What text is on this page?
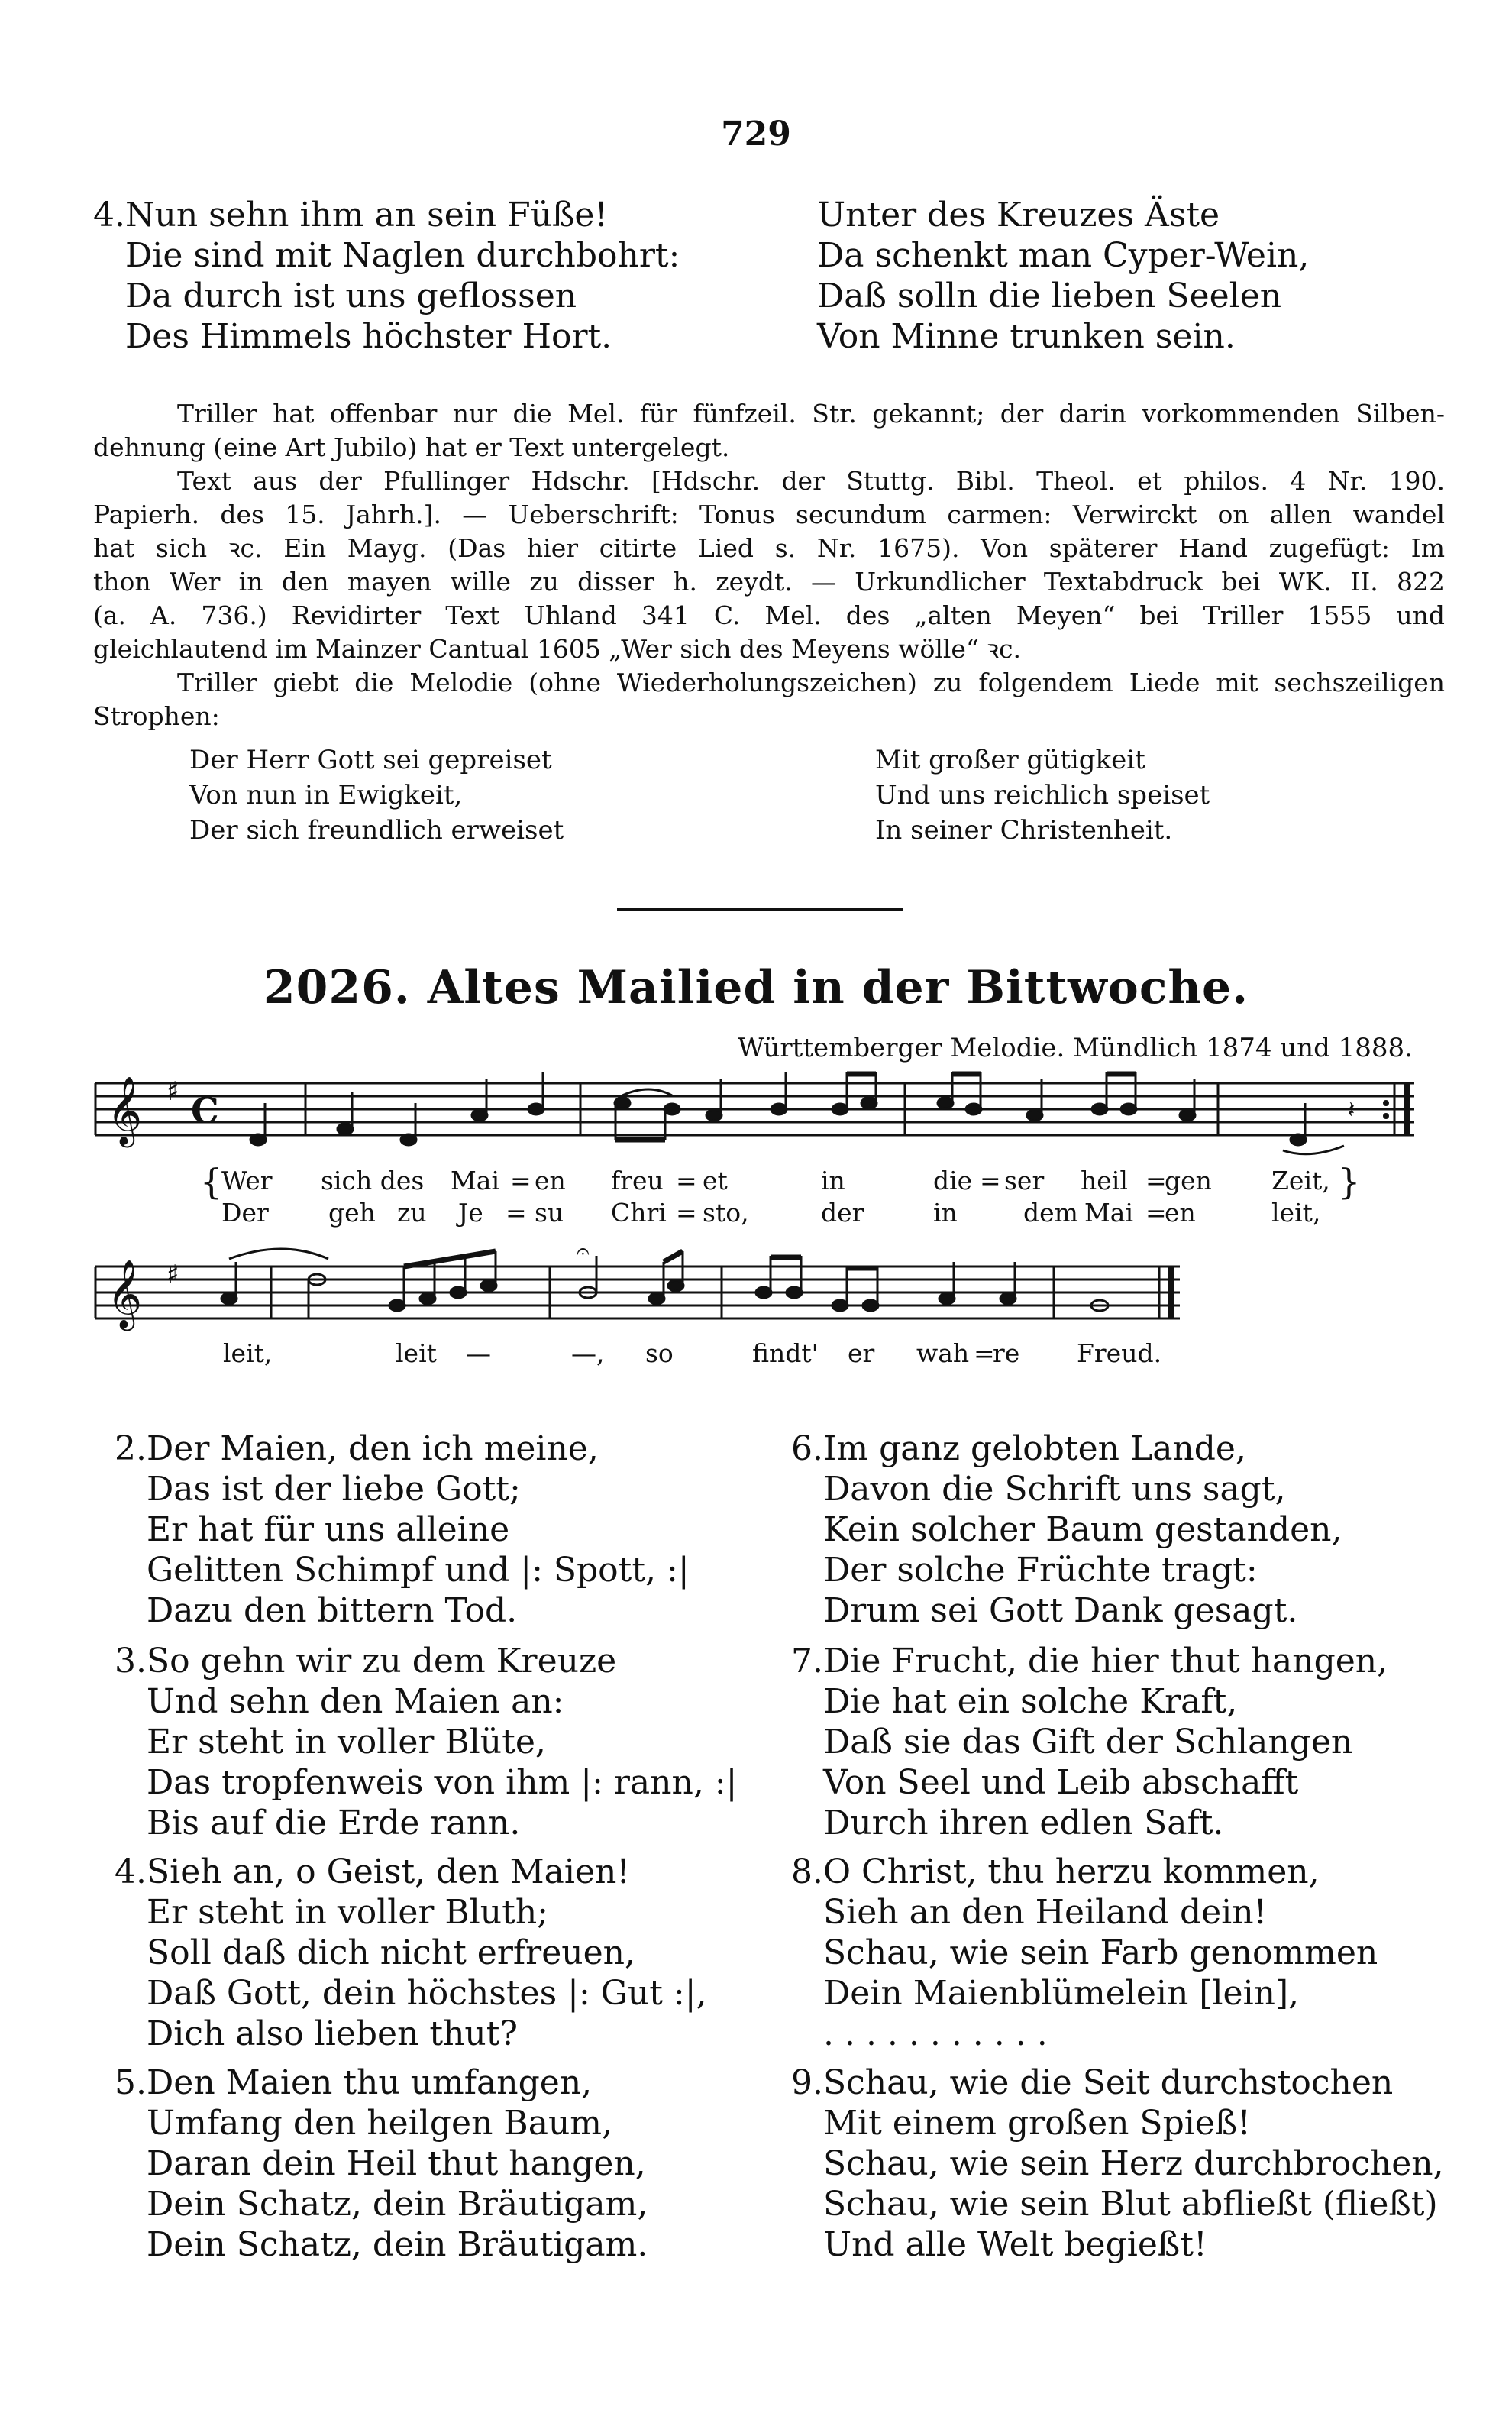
729
4.Nun sehn ihm an sein Füße!
Die sind mit Naglen durchbohrt:
Da durch ist uns geflossen
Des Himmels höchster Hort.
Unter des Kreuzes Äste
Da schenkt man Cyper-Wein,
Daß solln die lieben Seelen
Von Minne trunken sein.

Triller hat offenbar nur die Mel. für fünfzeil. Str. gekannt; der darin vorkommenden Silben-

dehnung (eine Art Jubilo) hat er Text untergelegt.

Text aus der Pfullinger Hdschr. [Hdschr. der Stuttg. Bibl. Theol. et philos. 4 Nr. 190.

Papierh. des 15. Jahrh.]. — Ueberschrift: Tonus secundum carmen: Verwirckt on allen wandel

hat sich ꝛc. Ein Mayg. (Das hier citirte Lied s. Nr. 1675). Von späterer Hand zugefügt: Im

thon Wer in den mayen wille zu disser h. zeydt. — Urkundlicher Textabdruck bei WK. II. 822

(a. A. 736.) Revidirter Text Uhland 341 C. Mel. des „alten Meyen“ bei Triller 1555 und

gleichlautend im Mainzer Cantual 1605 „Wer sich des Meyens wölle“ ꝛc.

Triller giebt die Melodie (ohne Wiederholungszeichen) zu folgendem Liede mit sechszeiligen

Strophen:

Der Herr Gott sei gepreiset
Von nun in Ewigkeit,
Der sich freundlich erweiset
Mit großer gütigkeit
Und uns reichlich speiset
In seiner Christenheit.
2026. Altes Mailied in der Bittwoche.
Württemberger Melodie. Mündlich 1874 und 1888.
𝄞 ♯ C	𝄽
{	}
Wer sich des Mai = en freu = et	in	die = ser heil =
gen Zeit,
Der geh zu Je = su Chri = sto,	der	in	dem Mai =
en	leit,
𝄞 ♯
𝄐
leit,	leit —	—, so	findt' er wah =
re Freud.
2.Der Maien, den ich meine,
Das ist der liebe Gott;
Er hat für uns alleine
Gelitten Schimpf und |: Spott, :|
Dazu den bittern Tod.
3.So gehn wir zu dem Kreuze
Und sehn den Maien an:
Er steht in voller Blüte,
Das tropfenweis von ihm |: rann, :|
Bis auf die Erde rann.
4.Sieh an, o Geist, den Maien!
Er steht in voller Bluth;
Soll daß dich nicht erfreuen,
Daß Gott, dein höchstes |: Gut :|,
Dich also lieben thut?
5.Den Maien thu umfangen,
Umfang den heilgen Baum,
Daran dein Heil thut hangen,
Dein Schatz, dein Bräutigam,
Dein Schatz, dein Bräutigam.
6.Im ganz gelobten Lande,
Davon die Schrift uns sagt,
Kein solcher Baum gestanden,
Der solche Früchte tragt:
Drum sei Gott Dank gesagt.
7.Die Frucht, die hier thut hangen,
Die hat ein solche Kraft,
Daß sie das Gift der Schlangen
Von Seel und Leib abschafft
Durch ihren edlen Saft.
8.O Christ, thu herzu kommen,
Sieh an den Heiland dein!
Schau, wie sein Farb genommen
Dein Maienblümelein [lein],
. . . . . . . . . . .
9.Schau, wie die Seit durchstochen
Mit einem großen Spieß!
Schau, wie sein Herz durchbrochen,
Schau, wie sein Blut abfließt (fließt)
Und alle Welt begießt!
